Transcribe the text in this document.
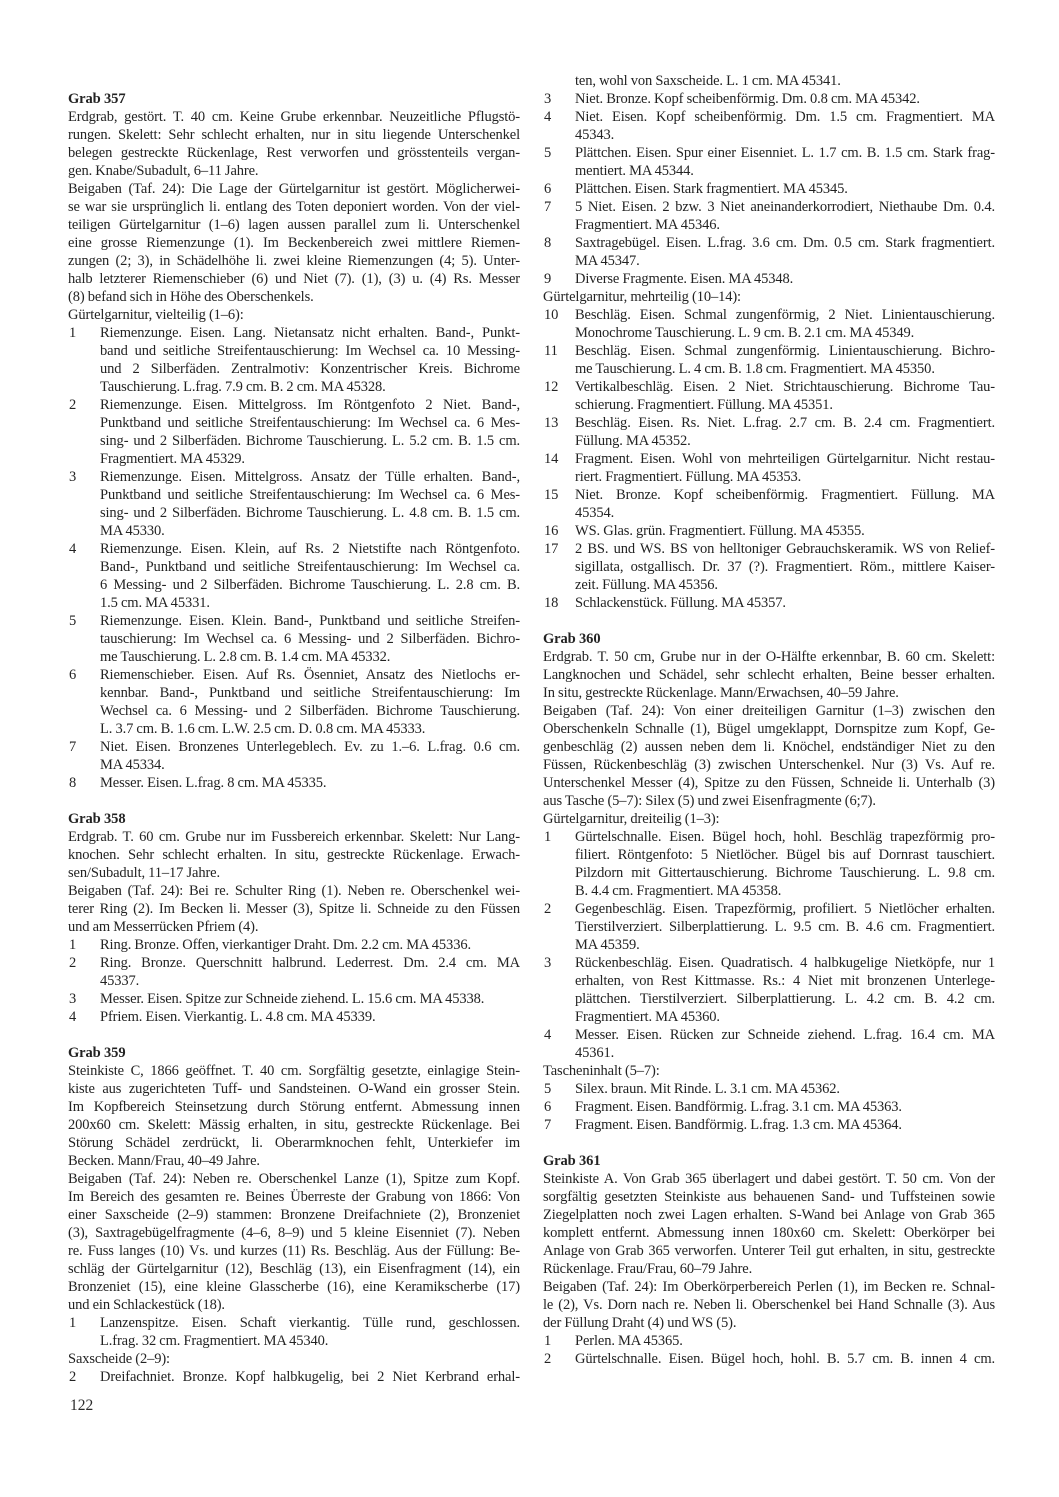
Grab 357
Erdgrab, gestört. T. 40 cm. Keine Grube erkennbar. Neuzeitliche Pflugstö-
rungen. Skelett: Sehr schlecht erhalten, nur in situ liegende Unterschenkel
belegen gestreckte Rückenlage, Rest verworfen und grösstenteils vergan-
gen. Knabe/Subadult, 6–11 Jahre.
Beigaben (Taf. 24): Die Lage der Gürtelgarnitur ist gestört. Möglicherwei-
se war sie ursprünglich li. entlang des Toten deponiert worden. Von der viel-
teiligen Gürtelgarnitur (1–6) lagen aussen parallel zum li. Unterschenkel
eine grosse Riemenzunge (1). Im Beckenbereich zwei mittlere Riemen-
zungen (2; 3), in Schädelhöhe li. zwei kleine Riemenzungen (4; 5). Unter-
halb letzterer Riemenschieber (6) und Niet (7). (1), (3) u. (4) Rs. Messer
(8) befand sich in Höhe des Oberschenkels.
Gürtelgarnitur, vielteilig (1–6):
1	Riemenzunge. Eisen. Lang. Nietansatz nicht erhalten. Band-, Punkt-
band und seitliche Streifentauschierung: Im Wechsel ca. 10 Messing-
und 2 Silberfäden. Zentralmotiv: Konzentrischer Kreis. Bichrome
Tauschierung. L.frag. 7.9 cm. B. 2 cm. MA 45328.
2	Riemenzunge. Eisen. Mittelgross. Im Röntgenfoto 2 Niet. Band-,
Punktband und seitliche Streifentauschierung: Im Wechsel ca. 6 Mes-
sing- und 2 Silberfäden. Bichrome Tauschierung. L. 5.2 cm. B. 1.5 cm.
Fragmentiert. MA 45329.
3	Riemenzunge. Eisen. Mittelgross. Ansatz der Tülle erhalten. Band-,
Punktband und seitliche Streifentauschierung: Im Wechsel ca. 6 Mes-
sing- und 2 Silberfäden. Bichrome Tauschierung. L. 4.8 cm. B. 1.5 cm.
MA 45330.
4	Riemenzunge. Eisen. Klein, auf Rs. 2 Nietstifte nach Röntgenfoto.
Band-, Punktband und seitliche Streifentauschierung: Im Wechsel ca.
6 Messing- und 2 Silberfäden. Bichrome Tauschierung. L. 2.8 cm. B.
1.5 cm. MA 45331.
5	Riemenzunge. Eisen. Klein. Band-, Punktband und seitliche Streifen-
tauschierung: Im Wechsel ca. 6 Messing- und 2 Silberfäden. Bichro-
me Tauschierung. L. 2.8 cm. B. 1.4 cm. MA 45332.
6	Riemenschieber. Eisen. Auf Rs. Ösenniet, Ansatz des Nietlochs er-
kennbar. Band-, Punktband und seitliche Streifentauschierung: Im
Wechsel ca. 6 Messing- und 2 Silberfäden. Bichrome Tauschierung.
L. 3.7 cm. B. 1.6 cm. L.W. 2.5 cm. D. 0.8 cm. MA 45333.
7	Niet. Eisen. Bronzenes Unterlegeblech. Ev. zu 1.–6. L.frag. 0.6 cm.
MA 45334.
8	Messer. Eisen. L.frag. 8 cm. MA 45335.
Grab 358
Erdgrab. T. 60 cm. Grube nur im Fussbereich erkennbar. Skelett: Nur Lang-
knochen. Sehr schlecht erhalten. In situ, gestreckte Rückenlage. Erwach-
sen/Subadult, 11–17 Jahre.
Beigaben (Taf. 24): Bei re. Schulter Ring (1). Neben re. Oberschenkel wei-
terer Ring (2). Im Becken li. Messer (3), Spitze li. Schneide zu den Füssen
und am Messerrücken Pfriem (4).
1	Ring. Bronze. Offen, vierkantiger Draht. Dm. 2.2 cm. MA 45336.
2	Ring. Bronze. Querschnitt halbrund. Lederrest. Dm. 2.4 cm. MA
45337.
3	Messer. Eisen. Spitze zur Schneide ziehend. L. 15.6 cm. MA 45338.
4	Pfriem. Eisen. Vierkantig. L. 4.8 cm. MA 45339.
Grab 359
Steinkiste C, 1866 geöffnet. T. 40 cm. Sorgfältig gesetzte, einlagige Stein-
kiste aus zugerichteten Tuff- und Sandsteinen. O-Wand ein grosser Stein.
Im Kopfbereich Steinsetzung durch Störung entfernt. Abmessung innen
200x60 cm. Skelett: Mässig erhalten, in situ, gestreckte Rückenlage. Bei
Störung Schädel zerdrückt, li. Oberarmknochen fehlt, Unterkiefer im
Becken. Mann/Frau, 40–49 Jahre.
Beigaben (Taf. 24): Neben re. Oberschenkel Lanze (1), Spitze zum Kopf.
Im Bereich des gesamten re. Beines Überreste der Grabung von 1866: Von
einer Saxscheide (2–9) stammen: Bronzene Dreifachniete (2), Bronzeniet
(3), Saxtragebügelfragmente (4–6, 8–9) und 5 kleine Eisenniet (7). Neben
re. Fuss langes (10) Vs. und kurzes (11) Rs. Beschläg. Aus der Füllung: Be-
schläg der Gürtelgarnitur (12), Beschläg (13), ein Eisenfragment (14), ein
Bronzeniet (15), eine kleine Glasscherbe (16), eine Keramikscherbe (17)
und ein Schlackestück (18).
1	Lanzenspitze. Eisen. Schaft vierkantig. Tülle rund, geschlossen.
L.frag. 32 cm. Fragmentiert. MA 45340.
Saxscheide (2–9):
2	Dreifachniet. Bronze. Kopf halbkugelig, bei 2 Niet Kerbrand erhal-
ten, wohl von Saxscheide. L. 1 cm. MA 45341.
3	Niet. Bronze. Kopf scheibenförmig. Dm. 0.8 cm. MA 45342.
4	Niet. Eisen. Kopf scheibenförmig. Dm. 1.5 cm. Fragmentiert. MA
45343.
5	Plättchen. Eisen. Spur einer Eisenniet. L. 1.7 cm. B. 1.5 cm. Stark frag-
mentiert. MA 45344.
6	Plättchen. Eisen. Stark fragmentiert. MA 45345.
7	5 Niet. Eisen. 2 bzw. 3 Niet aneinanderkorrodiert, Niethaube Dm. 0.4.
Fragmentiert. MA 45346.
8	Saxtragebügel. Eisen. L.frag. 3.6 cm. Dm. 0.5 cm. Stark fragmentiert.
MA 45347.
9	Diverse Fragmente. Eisen. MA 45348.
Gürtelgarnitur, mehrteilig (10–14):
10	Beschläg. Eisen. Schmal zungenförmig, 2 Niet. Linientauschierung.
Monochrome Tauschierung. L. 9 cm. B. 2.1 cm. MA 45349.
11	Beschläg. Eisen. Schmal zungenförmig. Linientauschierung. Bichro-
me Tauschierung. L. 4 cm. B. 1.8 cm. Fragmentiert. MA 45350.
12	Vertikalbeschläg. Eisen. 2 Niet. Strichtauschierung. Bichrome Tau-
schierung. Fragmentiert. Füllung. MA 45351.
13	Beschläg. Eisen. Rs. Niet. L.frag. 2.7 cm. B. 2.4 cm. Fragmentiert.
Füllung. MA 45352.
14	Fragment. Eisen. Wohl von mehrteiligen Gürtelgarnitur. Nicht restau-
riert. Fragmentiert. Füllung. MA 45353.
15	Niet. Bronze. Kopf scheibenförmig. Fragmentiert. Füllung. MA
45354.
16	WS. Glas. grün. Fragmentiert. Füllung. MA 45355.
17	2 BS. und WS. BS von helltoniger Gebrauchskeramik. WS von Relief-
sigillata, ostgallisch. Dr. 37 (?). Fragmentiert. Röm., mittlere Kaiser-
zeit. Füllung. MA 45356.
18	Schlackenstück. Füllung. MA 45357.
Grab 360
Erdgrab. T. 50 cm, Grube nur in der O-Hälfte erkennbar, B. 60 cm. Skelett:
Langknochen und Schädel, sehr schlecht erhalten, Beine besser erhalten.
In situ, gestreckte Rückenlage. Mann/Erwachsen, 40–59 Jahre.
Beigaben (Taf. 24): Von einer dreiteiligen Garnitur (1–3) zwischen den
Oberschenkeln Schnalle (1), Bügel umgeklappt, Dornspitze zum Kopf, Ge-
genbeschläg (2) aussen neben dem li. Knöchel, endständiger Niet zu den
Füssen, Rückenbeschläg (3) zwischen Unterschenkel. Nur (3) Vs. Auf re.
Unterschenkel Messer (4), Spitze zu den Füssen, Schneide li. Unterhalb (3)
aus Tasche (5–7): Silex (5) und zwei Eisenfragmente (6;7).
Gürtelgarnitur, dreiteilig (1–3):
1	Gürtelschnalle. Eisen. Bügel hoch, hohl. Beschläg trapezförmig pro-
filiert. Röntgenfoto: 5 Nietlöcher. Bügel bis auf Dornrast tauschiert.
Pilzdorn mit Gittertauschierung. Bichrome Tauschierung. L. 9.8 cm.
B. 4.4 cm. Fragmentiert. MA 45358.
2	Gegenbeschläg. Eisen. Trapezförmig, profiliert. 5 Nietlöcher erhalten.
Tierstilverziert. Silberplattierung. L. 9.5 cm. B. 4.6 cm. Fragmentiert.
MA 45359.
3	Rückenbeschläg. Eisen. Quadratisch. 4 halbkugelige Nietköpfe, nur 1
erhalten, von Rest Kittmasse. Rs.: 4 Niet mit bronzenen Unterlege-
plättchen. Tierstilverziert. Silberplattierung. L. 4.2 cm. B. 4.2 cm.
Fragmentiert. MA 45360.
4	Messer. Eisen. Rücken zur Schneide ziehend. L.frag. 16.4 cm. MA
45361.
Tascheninhalt (5–7):
5	Silex. braun. Mit Rinde. L. 3.1 cm. MA 45362.
6	Fragment. Eisen. Bandförmig. L.frag. 3.1 cm. MA 45363.
7	Fragment. Eisen. Bandförmig. L.frag. 1.3 cm. MA 45364.
Grab 361
Steinkiste A. Von Grab 365 überlagert und dabei gestört. T. 50 cm. Von der
sorgfältig gesetzten Steinkiste aus behauenen Sand- und Tuffsteinen sowie
Ziegelplatten noch zwei Lagen erhalten. S-Wand bei Anlage von Grab 365
komplett entfernt. Abmessung innen 180x60 cm. Skelett: Oberkörper bei
Anlage von Grab 365 verworfen. Unterer Teil gut erhalten, in situ, gestreckte
Rückenlage. Frau/Frau, 60–79 Jahre.
Beigaben (Taf. 24): Im Oberkörperbereich Perlen (1), im Becken re. Schnal-
le (2), Vs. Dorn nach re. Neben li. Oberschenkel bei Hand Schnalle (3). Aus
der Füllung Draht (4) und WS (5).
1	Perlen. MA 45365.
2	Gürtelschnalle. Eisen. Bügel hoch, hohl. B. 5.7 cm. B. innen 4 cm.
122
